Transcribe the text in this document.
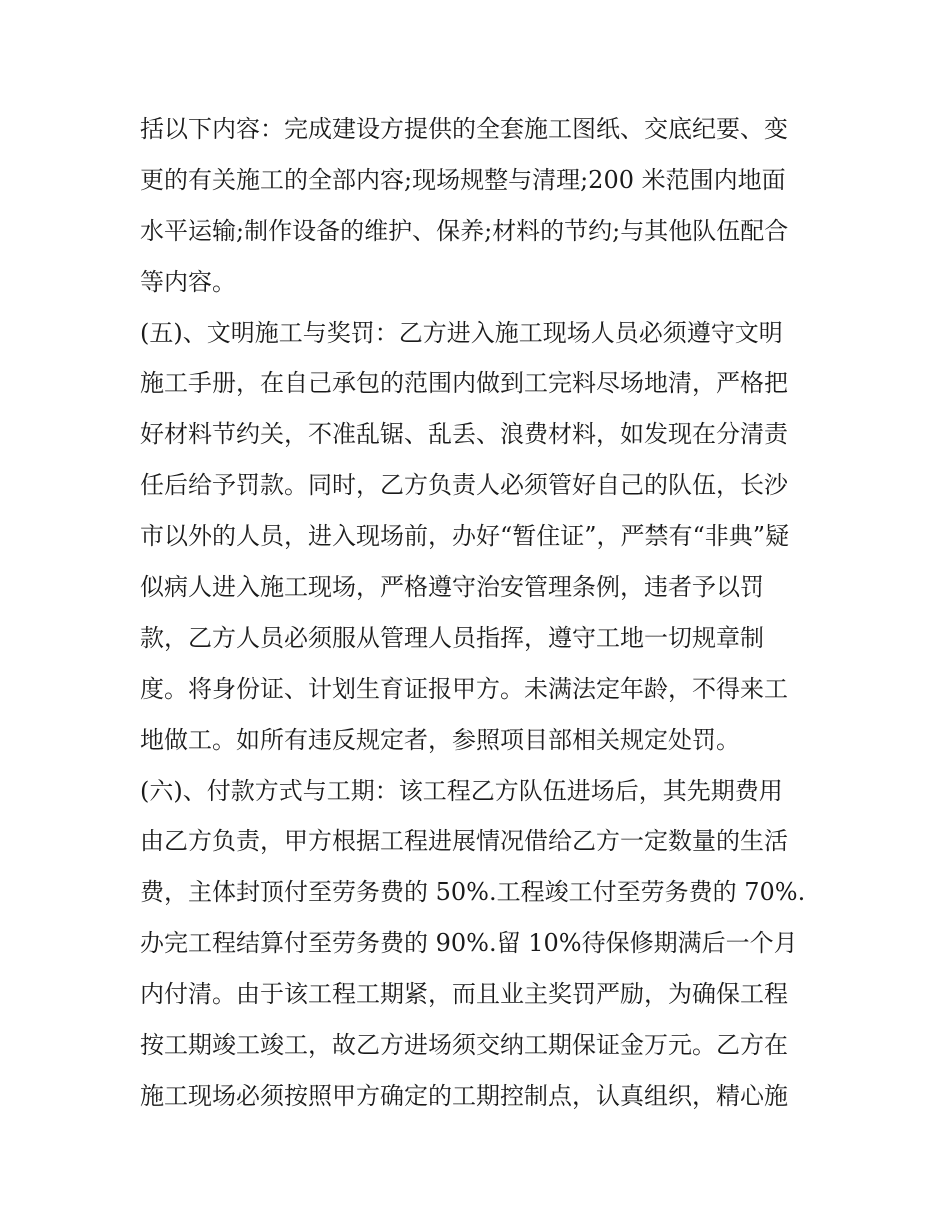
括以下内容：完成建设方提供的全套施工图纸、交底纪要、变
更的有关施工的全部内容;现场规整与清理;200 米范围内地面
水平运输;制作设备的维护、保养;材料的节约;与其他队伍配合
等内容。
(五)、文明施工与奖罚：乙方进入施工现场人员必须遵守文明
施工手册，在自己承包的范围内做到工完料尽场地清，严格把
好材料节约关，不准乱锯、乱丢、浪费材料，如发现在分清责
任后给予罚款。同时，乙方负责人必须管好自己的队伍，长沙
市以外的人员，进入现场前，办好“暂住证”，严禁有“非典”疑
似病人进入施工现场，严格遵守治安管理条例，违者予以罚
款，乙方人员必须服从管理人员指挥，遵守工地一切规章制
度。将身份证、计划生育证报甲方。未满法定年龄，不得来工
地做工。如所有违反规定者，参照项目部相关规定处罚。
(六)、付款方式与工期：该工程乙方队伍进场后，其先期费用
由乙方负责，甲方根据工程进展情况借给乙方一定数量的生活
费，主体封顶付至劳务费的 50%.工程竣工付至劳务费的 70%.
办完工程结算付至劳务费的 90%.留 10%待保修期满后一个月
内付清。由于该工程工期紧，而且业主奖罚严励，为确保工程
按工期竣工竣工，故乙方进场须交纳工期保证金万元。乙方在
施工现场必须按照甲方确定的工期控制点，认真组织，精心施
